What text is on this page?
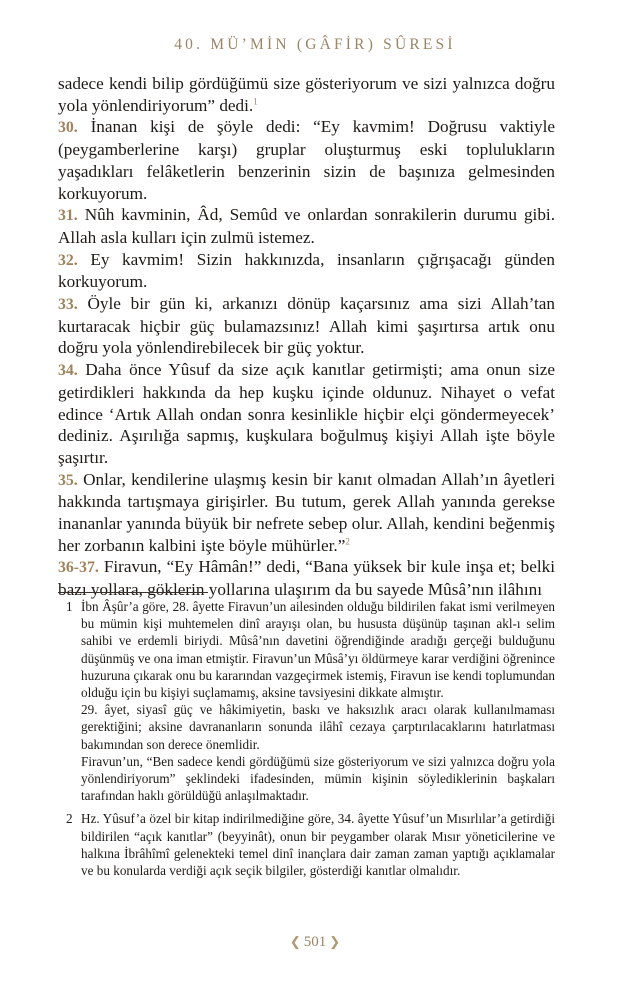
40. MÜ’MİN (GÂFİR) SÛRESİ

sadece kendi bilip gördüğümü size gösteriyorum ve sizi yalnızca doğru yola yönlendiriyorum” dedi.$^1$

30. İnanan kişi de şöyle dedi: “Ey kavmim! Doğrusu vaktiyle (peygamberlerine karşı) gruplar oluşturmuş eski toplulukların yaşadıkları felâketlerin benzerinin sizin de başınıza gelmesinden korkuyorum.

31. Nûh kavminin, Âd, Semûd ve onlardan sonrakilerin durumu gibi. Allah asla kulları için zulmü istemez.

32. Ey kavmim! Sizin hakkınızda, insanların çığrışacağı günden korkuyorum.

33. Öyle bir gün ki, arkanızı dönüp kaçarsınız ama sizi Allah’tan kurtaracak hiçbir güç bulamazsınız! Allah kimi şaşırtırsa artık onu doğru yola yönlendirebilecek bir güç yoktur.

34. Daha önce Yûsuf da size açık kanıtlar getirmişti; ama onun size getirdikleri hakkında da hep kuşku içinde oldunuz. Nihayet o vefat edince ‘Artık Allah ondan sonra kesinlikle hiçbir elçi göndermeyecek’ dediniz. Aşırılığa sapmış, kuşkulara boğulmuş kişiyi Allah işte böyle şaşırtır.

35. Onlar, kendilerine ulaşmış kesin bir kanıt olmadan Allah’ın âyetleri hakkında tartışmaya girişirler. Bu tutum, gerek Allah yanında gerekse inananlar yanında büyük bir nefrete sebep olur. Allah, kendini beğenmiş her zorbanın kalbini işte böyle mühürler.”$^2$

36-37. Firavun, “Ey Hâmân!” dedi, “Bana yüksek bir kule inşa et; belki bazı yollara, göklerin yollarına ulaşırım da bu sayede Mûsâ’nın ilâhını

1 İbn Âşûr’a göre, 28. âyette Firavun’un ailesinden olduğu bildirilen fakat ismi verilmeyen bu mümin kişi muhtemelen dinî arayışı olan, bu hususta düşünüp taşınan akl-ı selim sahibi ve erdemli biriydi. Mûsâ’nın davetini öğrendiğinde aradığı gerçeği bulduğunu düşünmüş ve ona iman etmiştir. Firavun’un Mûsâ’yı öldürmeye karar verdiğini öğrenince huzuruna çıkarak onu bu kararından vazgeçirmek istemiş, Firavun ise kendi toplumundan olduğu için bu kişiyi suçlamamış, aksine tavsiyesini dikkate almıştır.

29. âyet, siyasî güç ve hâkimiyetin, baskı ve haksızlık aracı olarak kullanılmaması gerektiğini; aksine davrananların sonunda ilâhî cezaya çarptırılacaklarını hatırlatması bakımından son derece önemlidir.

Firavun’un, “Ben sadece kendi gördüğümü size gösteriyorum ve sizi yalnızca doğru yola yönlendiriyorum” şeklindeki ifadesinden, mümin kişinin söylediklerinin başkaları tarafından haklı görüldüğü anlaşılmaktadır.

2 Hz. Yûsuf’a özel bir kitap indirilmediğine göre, 34. âyette Yûsuf’un Mısırlılar’a getirdiği bildirilen “açık kanıtlar” (beyyinât), onun bir peygamber olarak Mısır yöneticilerine ve halkına İbrâhîmî gelenekteki temel dinî inançlara dair zaman zaman yaptığı açıklamalar ve bu konularda verdiği açık seçik bilgiler, gösterdiği kanıtlar olmalıdır.

❮ 501 ❯
